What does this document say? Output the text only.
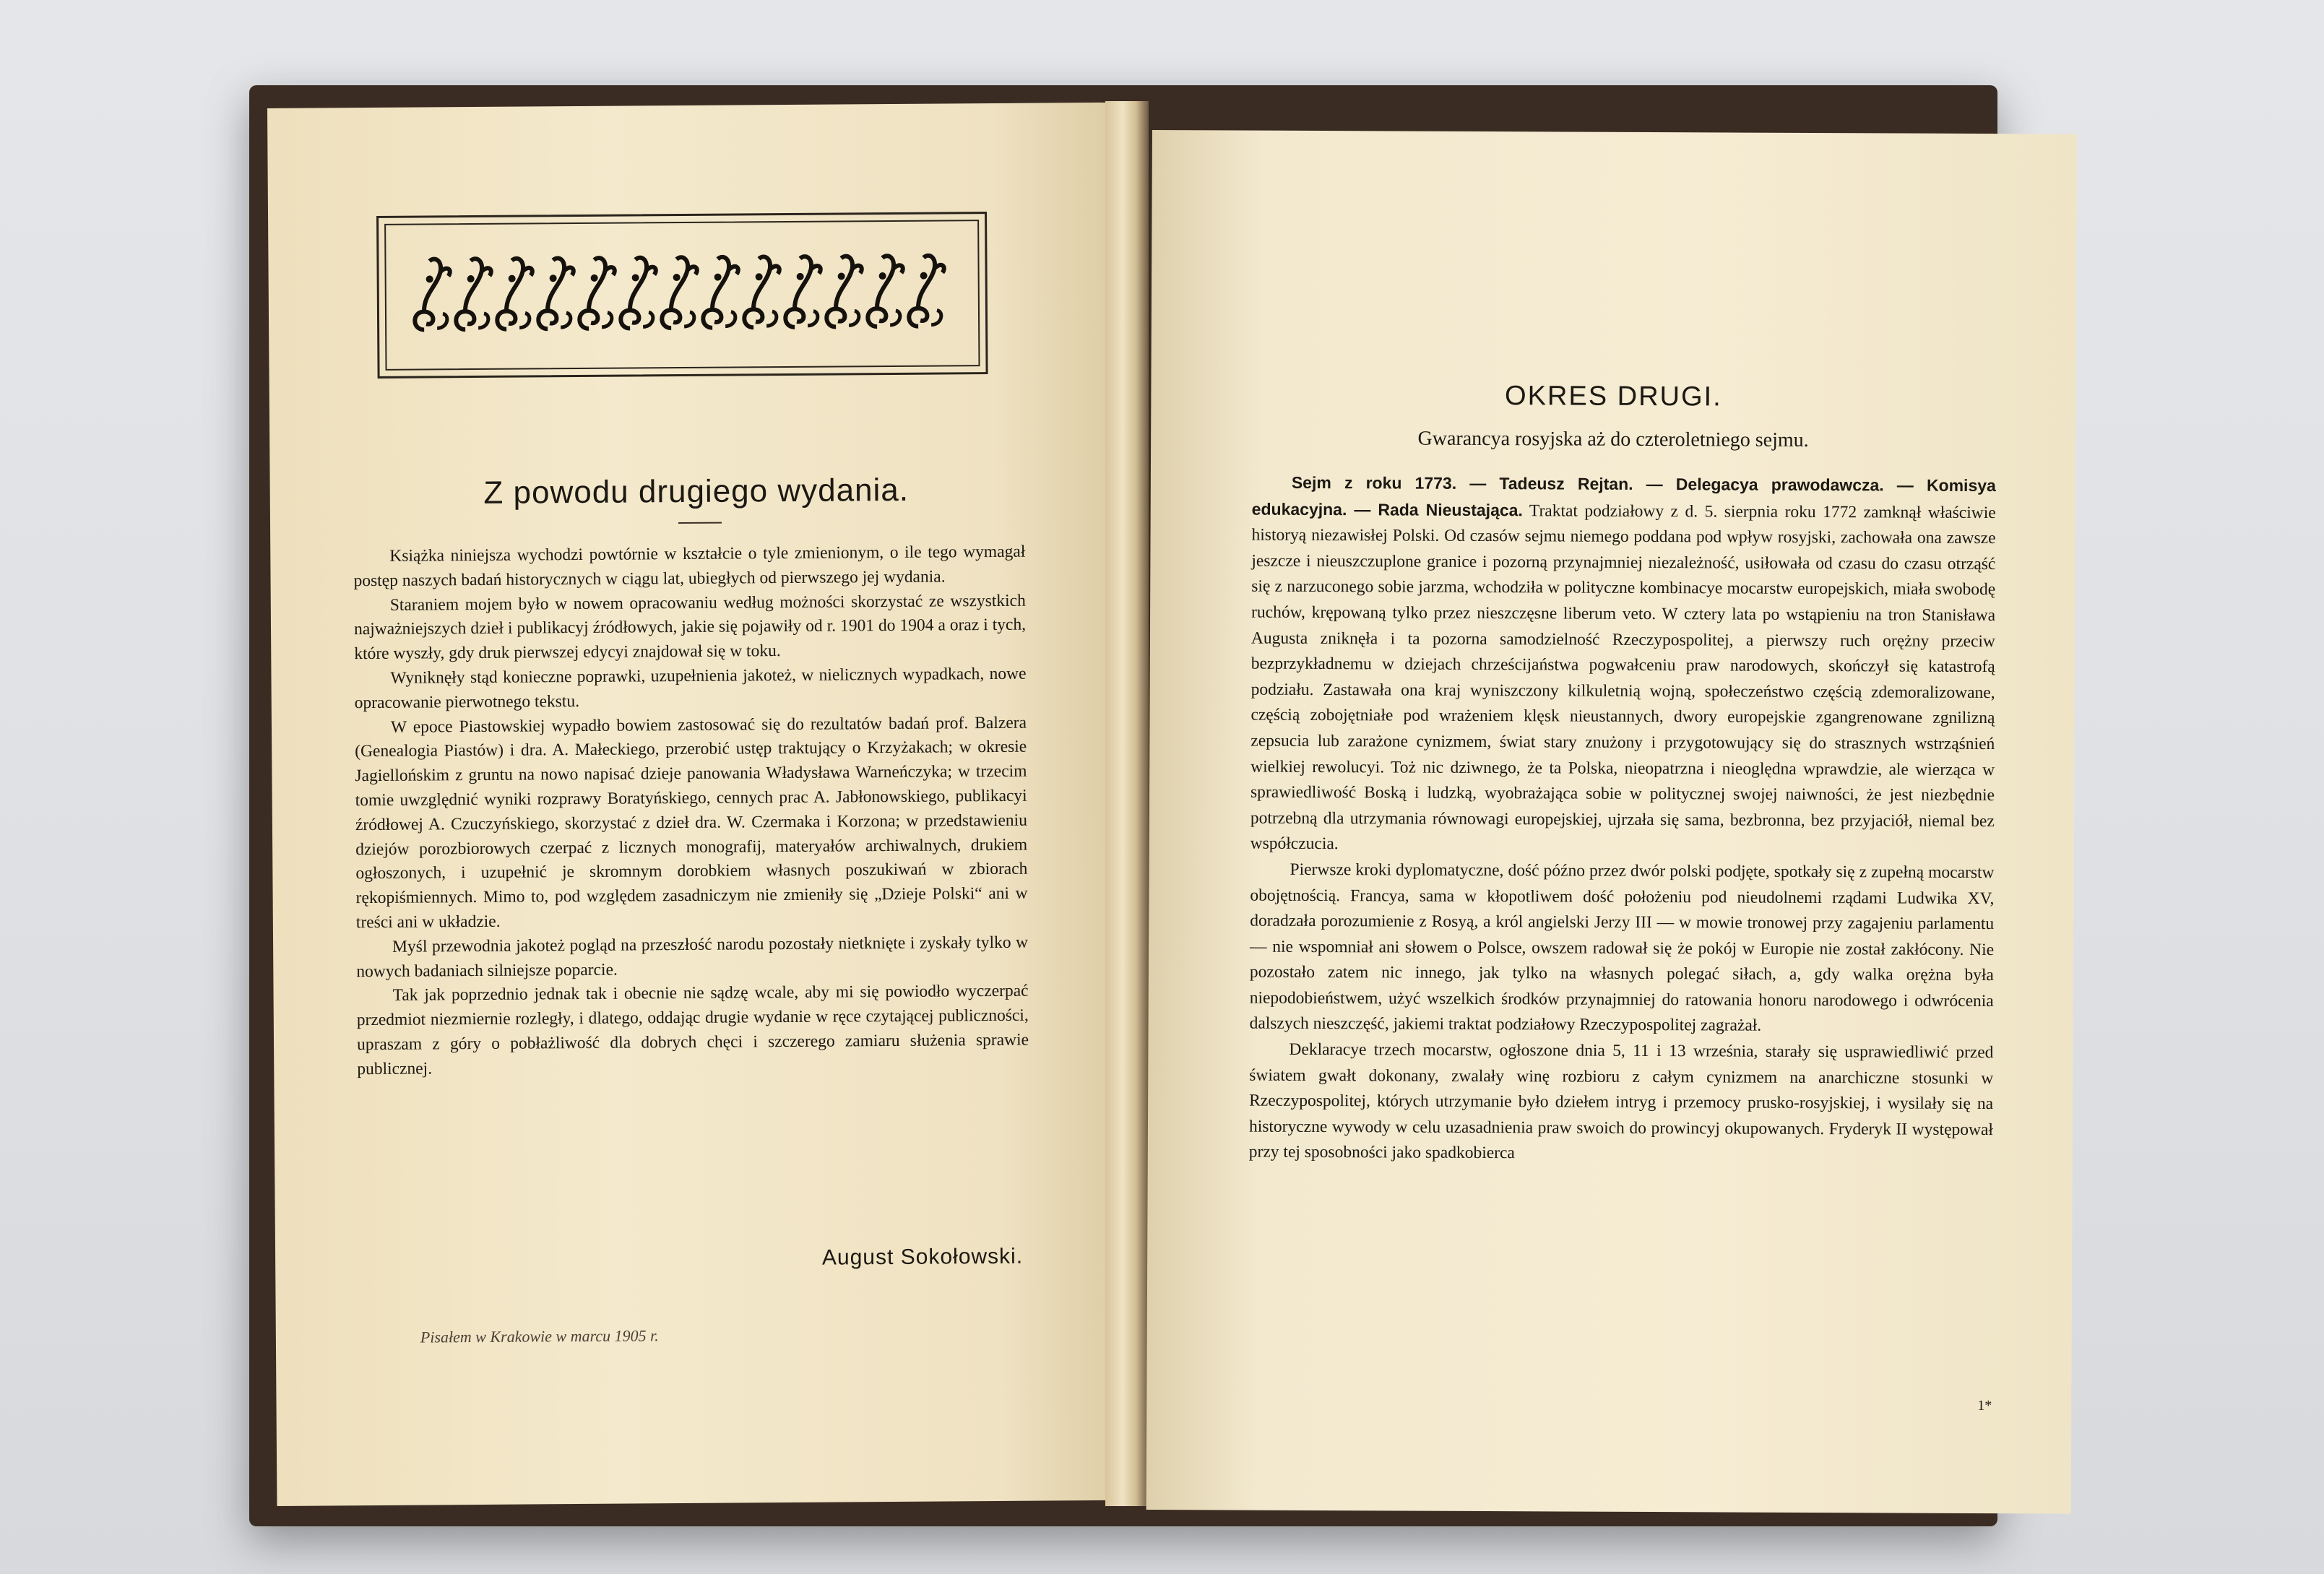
Z powodu drugiego wydania.

Książka niniejsza wychodzi powtórnie w kształcie o tyle zmienionym, o ile tego wymagał postęp naszych badań historycznych w ciągu lat, ubiegłych od pierwszego jej wydania.

Staraniem mojem było w nowem opracowaniu według możności skorzystać ze wszystkich najważniejszych dzieł i publikacyj źródłowych, jakie się pojawiły od r. 1901 do 1904 a oraz i tych, które wyszły, gdy druk pierwszej edycyi znajdował się w toku.

Wyniknęły stąd konieczne poprawki, uzupełnienia jakoteż, w nielicznych wypadkach, nowe opracowanie pierwotnego tekstu.

W epoce Piastowskiej wypadło bowiem zastosować się do rezultatów badań prof. Balzera (Genealogia Piastów) i dra. A. Małeckiego, przerobić ustęp traktujący o Krzyżakach; w okresie Jagiellońskim z gruntu na nowo napisać dzieje panowania Władysława Warneńczyka; w trzecim tomie uwzględnić wyniki rozprawy Boratyńskiego, cennych prac A. Jabłonowskiego, publikacyi źródłowej A. Czuczyńskiego, skorzystać z dzieł dra. W. Czermaka i Korzona; w przedstawieniu dziejów porozbiorowych czerpać z licznych monografij, materyałów archiwalnych, drukiem ogłoszonych, i uzupełnić je skromnym dorobkiem własnych poszukiwań w zbiorach rękopiśmiennych. Mimo to, pod względem zasadniczym nie zmieniły się „Dzieje Polski“ ani w treści ani w układzie.

Myśl przewodnia jakoteż pogląd na przeszłość narodu pozostały nietknięte i zyskały tylko w nowych badaniach silniejsze poparcie.

Tak jak poprzednio jednak tak i obecnie nie sądzę wcale, aby mi się powiodło wyczerpać przedmiot niezmiernie rozległy, i dlatego, oddając drugie wydanie w ręce czytającej publiczności, upraszam z góry o pobłażliwość dla dobrych chęci i szczerego zamiaru służenia sprawie publicznej.

August Sokołowski.
Pisałem w Krakowie w marcu 1905 r.
OKRES DRUGI.
Gwarancya rosyjska aż do czteroletniego sejmu.

Sejm z roku 1773. — Tadeusz Rejtan. — Delegacya prawodawcza. — Komisya edukacyjna. — Rada Nieustająca. Traktat podziałowy z d. 5. sierpnia roku 1772 zamknął właściwie historyą niezawisłej Polski. Od czasów sejmu niemego poddana pod wpływ rosyjski, zachowała ona zawsze jeszcze i nieuszczuplone granice i pozorną przynajmniej niezależność, usiłowała od czasu do czasu otrząść się z narzuconego sobie jarzma, wchodziła w polityczne kombinacye mocarstw europejskich, miała swobodę ruchów, krępowaną tylko przez nieszczęsne liberum veto. W cztery lata po wstąpieniu na tron Stanisława Augusta zniknęła i ta pozorna samodzielność Rzeczypospolitej, a pierwszy ruch orężny przeciw bezprzykładnemu w dziejach chrześcijaństwa pogwałceniu praw narodowych, skończył się katastrofą podziału. Zastawała ona kraj wyniszczony kilkuletnią wojną, społeczeństwo częścią zdemoralizowane, częścią zobojętniałe pod wrażeniem klęsk nieustannych, dwory europejskie zgangrenowane zgnilizną zepsucia lub zarażone cynizmem, świat stary znużony i przygotowujący się do strasznych wstrząśnień wielkiej rewolucyi. Toż nic dziwnego, że ta Polska, nieopatrzna i nieoględna wprawdzie, ale wierząca w sprawiedliwość Boską i ludzką, wyobrażająca sobie w politycznej swojej naiwności, że jest niezbędnie potrzebną dla utrzymania równowagi europejskiej, ujrzała się sama, bezbronna, bez przyjaciół, niemal bez współczucia.

Pierwsze kroki dyplomatyczne, dość późno przez dwór polski podjęte, spotkały się z zupełną mocarstw obojętnością. Francya, sama w kłopotliwem dość położeniu pod nieudolnemi rządami Ludwika XV, doradzała porozumienie z Rosyą, a król angielski Jerzy III — w mowie tronowej przy zagajeniu parlamentu — nie wspomniał ani słowem o Polsce, owszem radował się że pokój w Europie nie został zakłócony. Nie pozostało zatem nic innego, jak tylko na własnych polegać siłach, a, gdy walka orężna była niepodobieństwem, użyć wszelkich środków przynajmniej do ratowania honoru narodowego i odwrócenia dalszych nieszczęść, jakiemi traktat podziałowy Rzeczypospolitej zagrażał.

Deklaracye trzech mocarstw, ogłoszone dnia 5, 11 i 13 września, starały się usprawiedliwić przed światem gwałt dokonany, zwalały winę rozbioru z całym cynizmem na anarchiczne stosunki w Rzeczypospolitej, których utrzymanie było dziełem intryg i przemocy prusko-rosyjskiej, i wysilały się na historyczne wywody w celu uzasadnienia praw swoich do prowincyj okupowanych. Fryderyk II występował przy tej sposobności jako spadkobierca

1*
